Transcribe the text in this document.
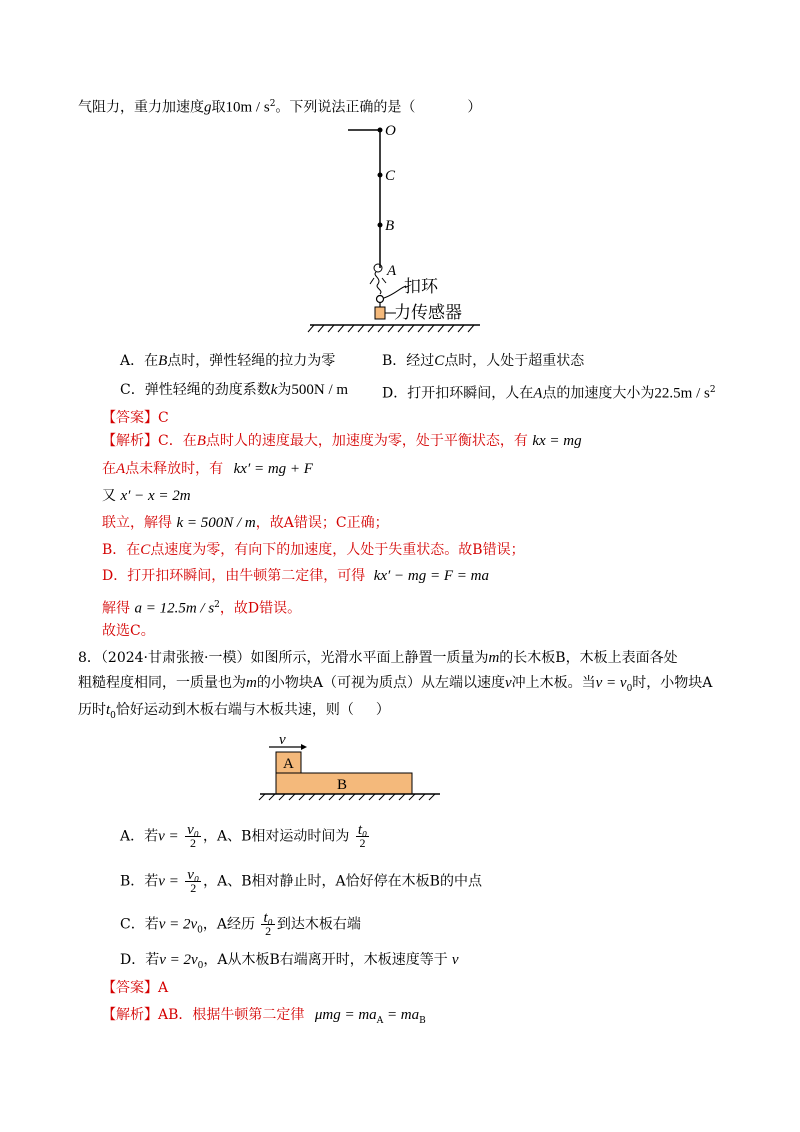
气阻力，重力加速度g取$10m / s^2$。下列说法正确的是（	）
O
C
B
A
扣环
力传感器
A．在B点时，弹性轻绳的拉力为零	B．经过C点时，人处于超重状态
C．弹性轻绳的劲度系数k为500N / m D．打开扣环瞬间，人在A点的加速度大小为$22.5m / s^2$
【答案】C
【解析】C．在B点时人的速度最大，加速度为零，处于平衡状态，有 kx = mg
在A点未释放时，有 kx′ = mg + F
又 x′ − x = 2m
联立，解得 k = 500N / m，故A错误；C正确；
B．在C点速度为零，有向下的加速度，人处于失重状态。故B错误；
D．打开扣环瞬间，由牛顿第二定律，可得 kx′ − mg = F = ma
解得 $a = 12.5m / s^2$，故D错误。
故选C。
8．（2024·甘肃张掖·一模）如图所示，光滑水平面上静置一质量为m的长木板B，木板上表面各处
粗糙程度相同，一质量也为m的小物块A（可视为质点）从左端以速度v冲上木板。当$v = v_0$时，小物块A
历时$t_0$恰好运动到木板右端与木板共速，则（ ）
v
A
B
A．若$v = \frac{\text{v₀}}{2}$ ，A、B相对运动时间为 $\frac{\text{t₀}}{2}$
B．若$v = \frac{\text{v₀}}{2}$ ，A、B相对静止时，A恰好停在木板B的中点
C．若$v = 2v_0$，A经历 $\frac{\text{t₀}}{2}$ 到达木板右端
D．若$v = 2v_0$，A从木板B右端离开时，木板速度等于 v
【答案】A
【解析】AB．根据牛顿第二定律 $\mu mg = ma_A = ma_B$
